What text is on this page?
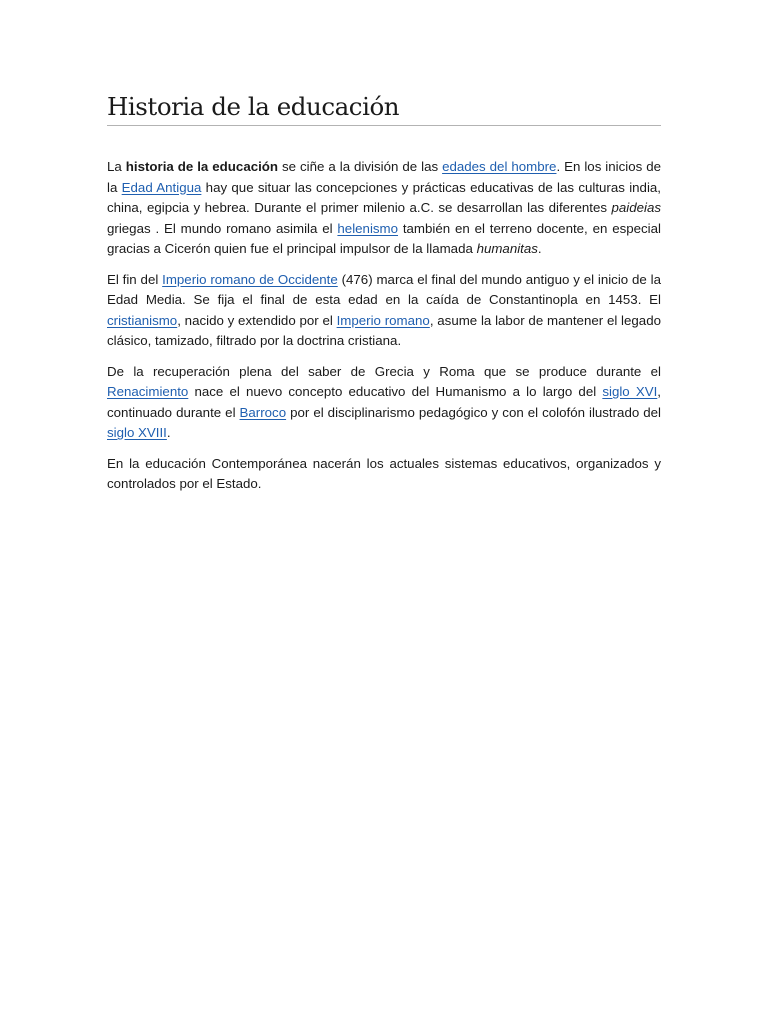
Historia de la educación

La historia de la educación se ciñe a la división de las edades del hombre. En los inicios de la Edad Antigua hay que situar las concepciones y prácticas educativas de las culturas india, china, egipcia y hebrea. Durante el primer milenio a.C. se desarrollan las diferentes paideias griegas . El mundo romano asimila el helenismo también en el terreno docente, en especial gracias a Cicerón quien fue el principal impulsor de la llamada humanitas.

El fin del Imperio romano de Occidente (476) marca el final del mundo antiguo y el inicio de la Edad Media. Se fija el final de esta edad en la caída de Constantinopla en 1453. El cristianismo, nacido y extendido por el Imperio romano, asume la labor de mantener el legado clásico, tamizado, filtrado por la doctrina cristiana.

De la recuperación plena del saber de Grecia y Roma que se produce durante el Renacimiento nace el nuevo concepto educativo del Humanismo a lo largo del siglo XVI, continuado durante el Barroco por el disciplinarismo pedagógico y con el colofón ilustrado del siglo XVIII.

En la educación Contemporánea nacerán los actuales sistemas educativos, organizados y controlados por el Estado.
